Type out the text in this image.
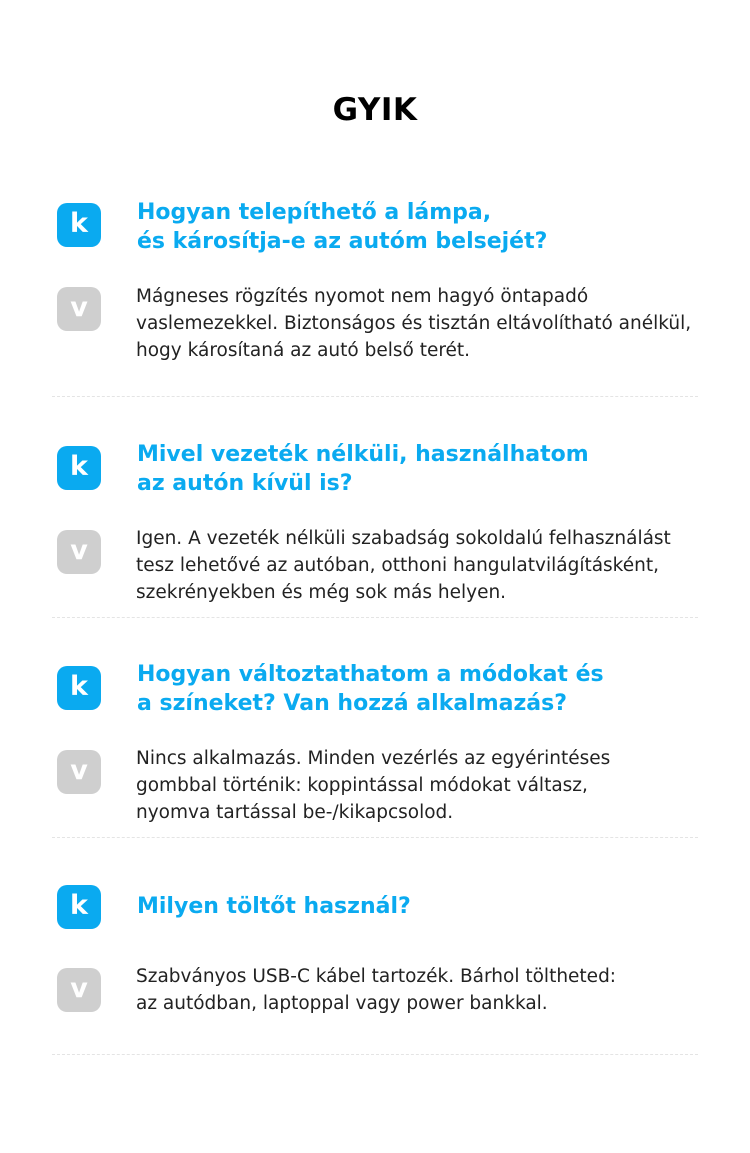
GYIK
k	Hogyan telepíthető a lámpa,
és károsítja-e az autóm belsejét?
v	Mágneses rögzítés nyomot nem hagyó öntapadó
vaslemezekkel. Biztonságos és tisztán eltávolítható anélkül,
hogy károsítaná az autó belső terét.
k	Mivel vezeték nélküli, használhatom
az autón kívül is?
v	Igen. A vezeték nélküli szabadság sokoldalú felhasználást
tesz lehetővé az autóban, otthoni hangulatvilágításként,
szekrényekben és még sok más helyen.
k	Hogyan változtathatom a módokat és
a színeket? Van hozzá alkalmazás?
v	Nincs alkalmazás. Minden vezérlés az egyérintéses
gombbal történik: koppintással módokat váltasz,
nyomva tartással be-/kikapcsolod.
k	Milyen töltőt használ?
v	Szabványos USB-C kábel tartozék. Bárhol töltheted:
az autódban, laptoppal vagy power bankkal.
